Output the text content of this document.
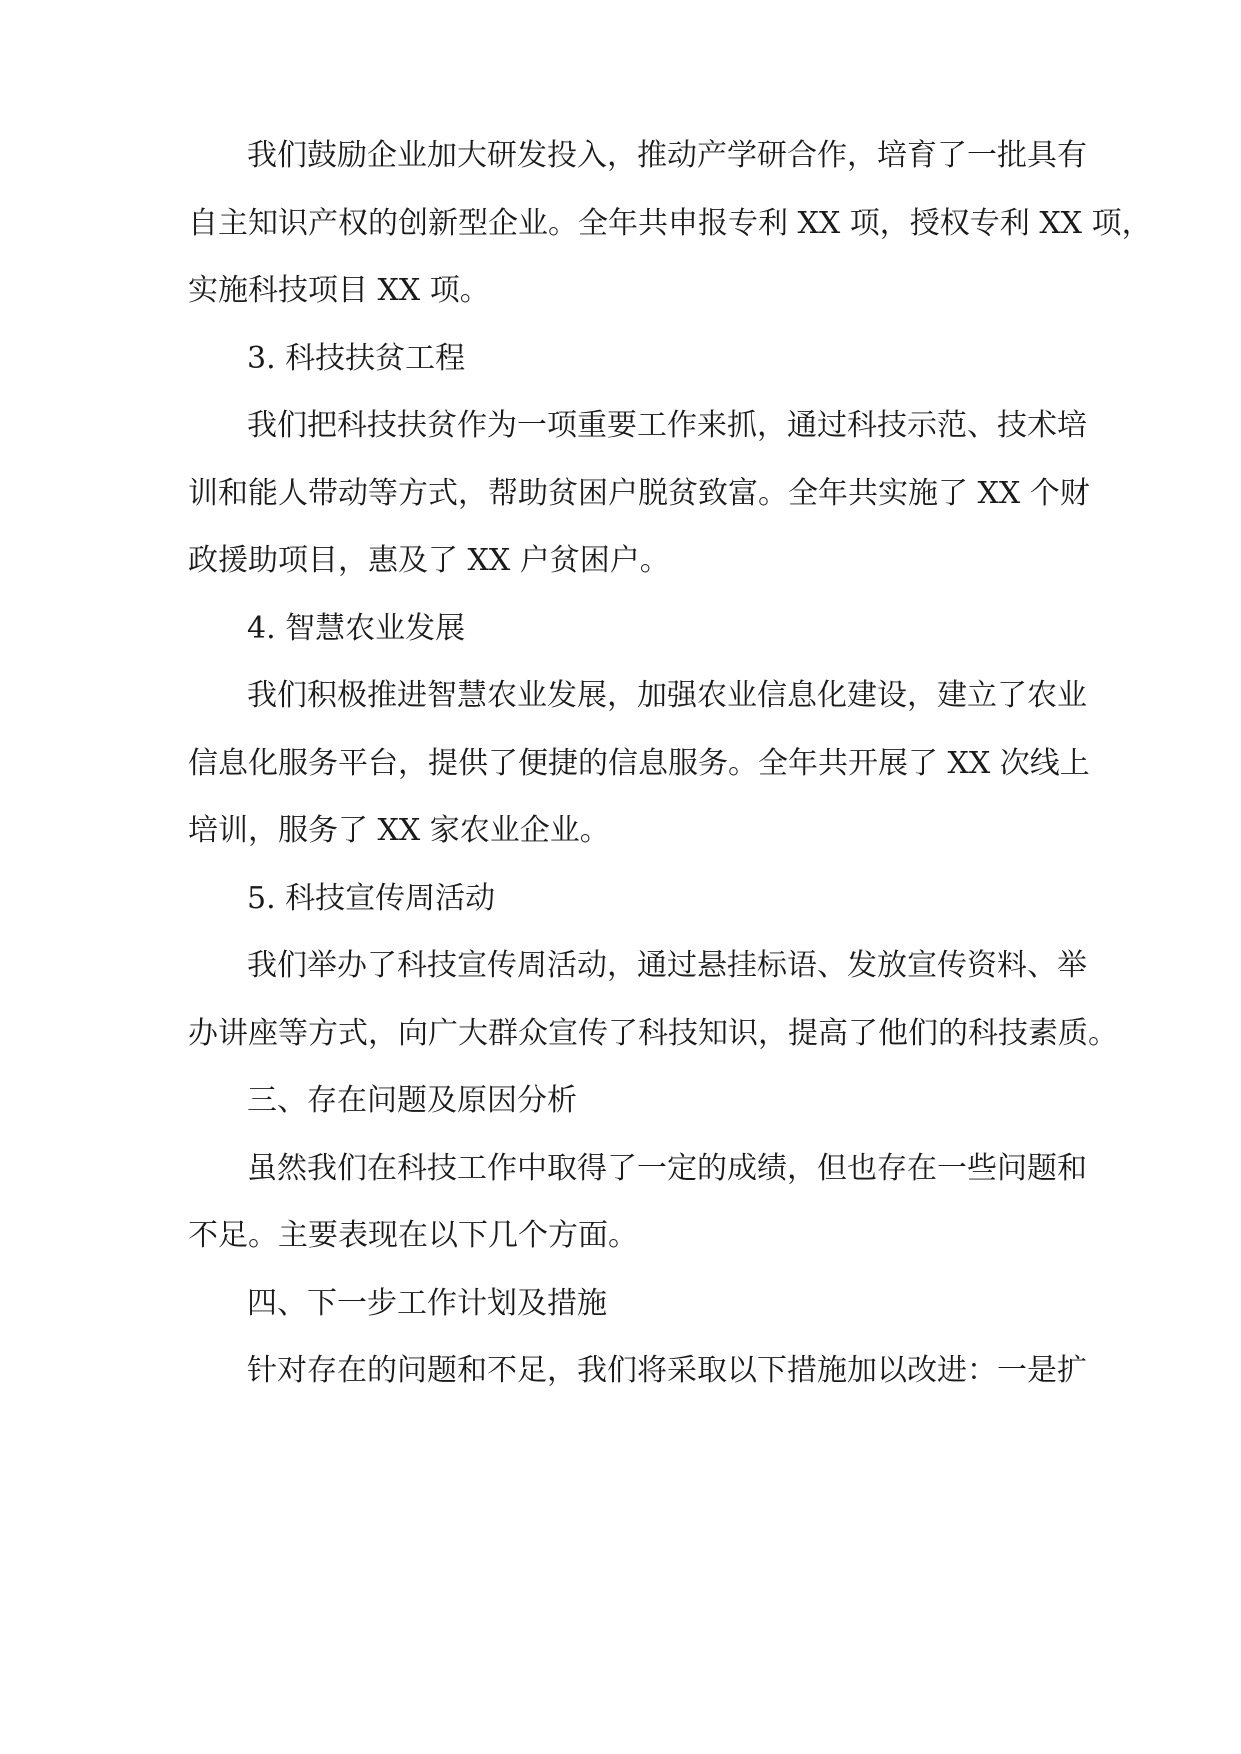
我们鼓励企业加大研发投入，推动产学研合作，培育了一批具有
自主知识产权的创新型企业。全年共申报专利 XX 项，授权专利 XX 项，
实施科技项目 XX 项。
3. 科技扶贫工程
我们把科技扶贫作为一项重要工作来抓，通过科技示范、技术培
训和能人带动等方式，帮助贫困户脱贫致富。全年共实施了 XX 个财
政援助项目，惠及了 XX 户贫困户。
4. 智慧农业发展
我们积极推进智慧农业发展，加强农业信息化建设，建立了农业
信息化服务平台，提供了便捷的信息服务。全年共开展了 XX 次线上
培训，服务了 XX 家农业企业。
5. 科技宣传周活动
我们举办了科技宣传周活动，通过悬挂标语、发放宣传资料、举
办讲座等方式，向广大群众宣传了科技知识，提高了他们的科技素质。
三、存在问题及原因分析
虽然我们在科技工作中取得了一定的成绩，但也存在一些问题和
不足。主要表现在以下几个方面。
四、下一步工作计划及措施
针对存在的问题和不足，我们将采取以下措施加以改进：一是扩
